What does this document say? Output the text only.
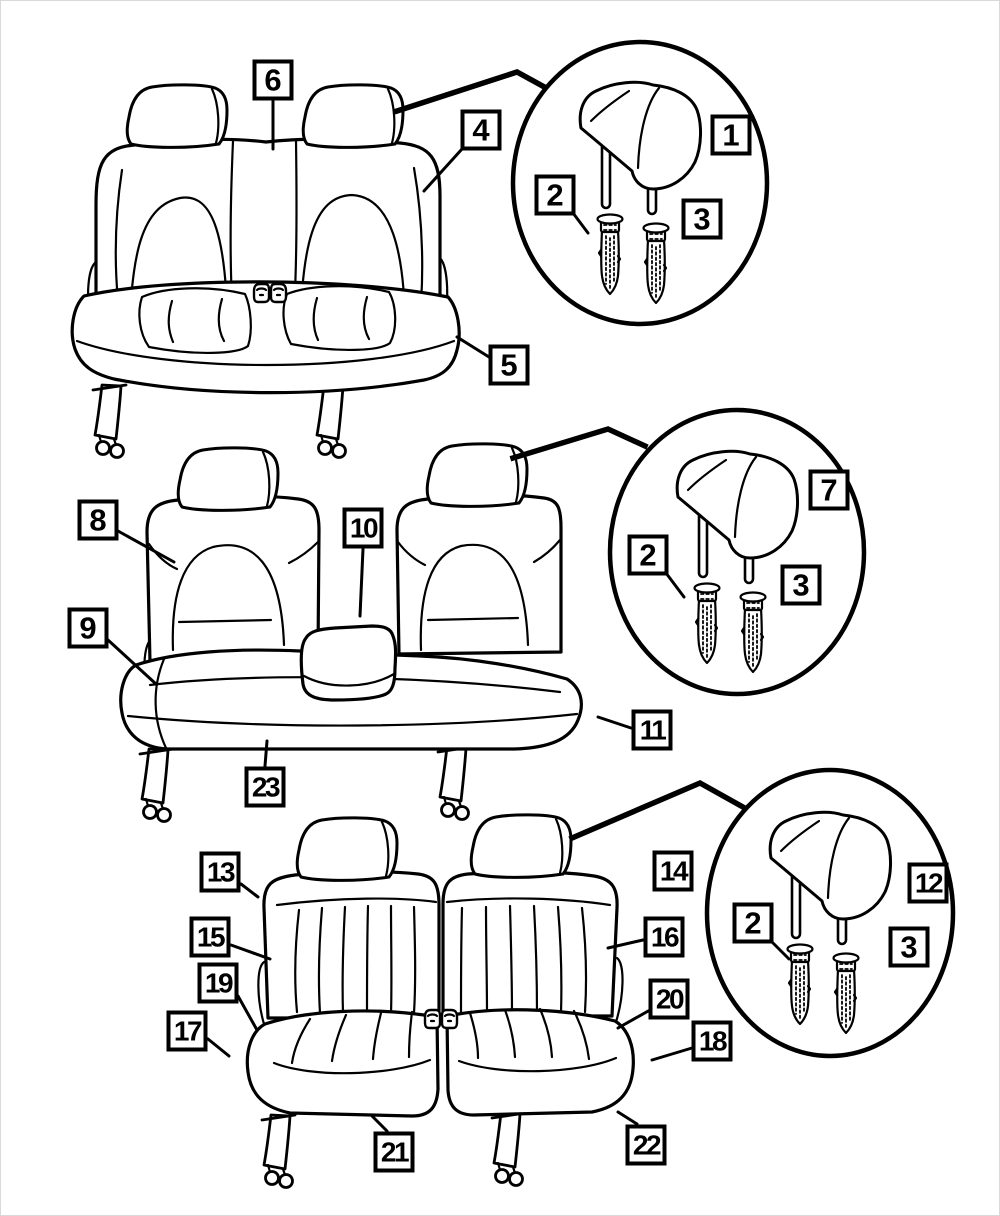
6
4	1
2
3
5
8	10
7
2
3
9
11
23
13	14	12
15	16	2
3
19
20
17	18
21	22
